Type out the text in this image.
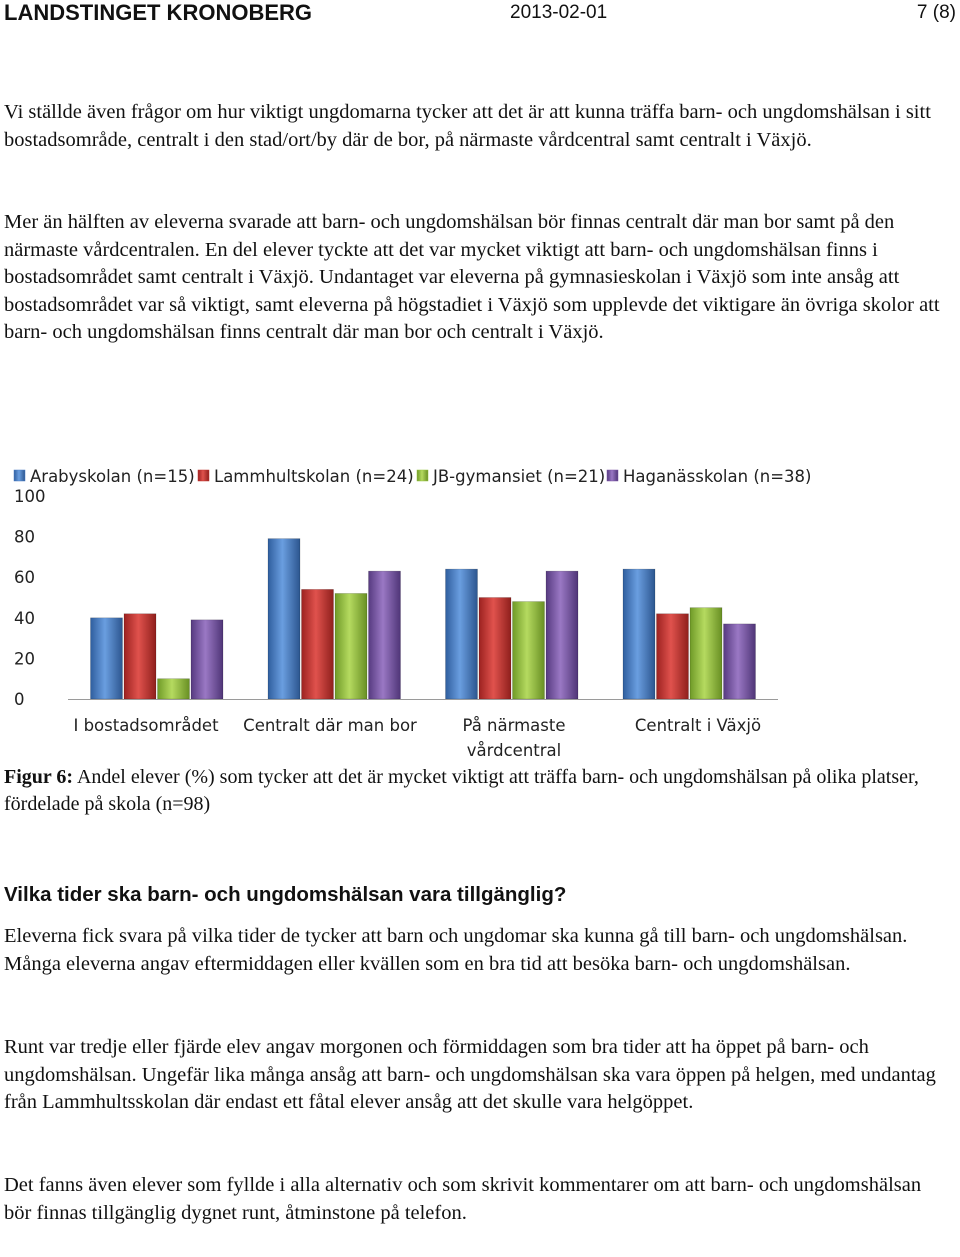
LANDSTINGET KRONOBERG	2013-02-01	7 (8)

Vi ställde även frågor om hur viktigt ungdomarna tycker att det är att kunna träffa barn- och ungdomshälsan i sitt bostadsområde, centralt i den stad/ort/by där de bor, på närmaste vårdcentral samt centralt i Växjö.

Mer än hälften av eleverna svarade att barn- och ungdomshälsan bör finnas centralt där man bor samt på den närmaste vårdcentralen. En del elever tyckte att det var mycket viktigt att barn- och ungdomshälsan finns i bostadsområdet samt centralt i Växjö. Undantaget var eleverna på gymnasieskolan i Växjö som inte ansåg att bostadsområdet var så viktigt, samt eleverna på högstadiet i Växjö som upplevde det viktigare än övriga skolor att barn- och ungdomshälsan finns centralt där man bor och centralt i Växjö.

Arabyskolan (n=15) Lammhultskolan (n=24) JB-gymansiet (n=21) Haganässkolan (n=38)
100
80
60
40
20
0
I bostadsområdet Centralt där man bor	På närmaste vårdcentral
Centralt i Växjö

Figur 6: Andel elever (%) som tycker att det är mycket viktigt att träffa barn- och ungdomshälsan på olika platser, fördelade på skola (n=98)

Vilka tider ska barn- och ungdomshälsan vara tillgänglig?

Eleverna fick svara på vilka tider de tycker att barn och ungdomar ska kunna gå till barn- och ungdomshälsan. Många eleverna angav eftermiddagen eller kvällen som en bra tid att besöka barn- och ungdomshälsan.

Runt var tredje eller fjärde elev angav morgonen och förmiddagen som bra tider att ha öppet på barn- och ungdomshälsan. Ungefär lika många ansåg att barn- och ungdomshälsan ska vara öppen på helgen, med undantag från Lammhultsskolan där endast ett fåtal elever ansåg att det skulle vara helgöppet.

Det fanns även elever som fyllde i alla alternativ och som skrivit kommentarer om att barn- och ungdomshälsan bör finnas tillgänglig dygnet runt, åtminstone på telefon.
